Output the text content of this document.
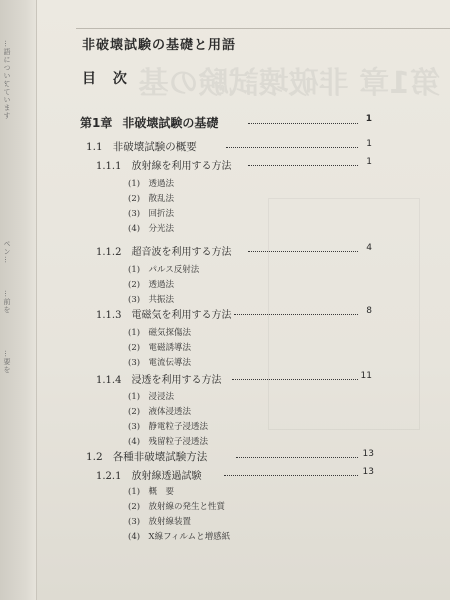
…語について
…ています
ペン…
…前を
…要を
第1章 非破壊試験の基
非破壊試験の基礎と用語
目 次
第1章 非破壊試験の基礎	1
1.1 非破壊試験の概要	1
1.1.1 放射線を利用する方法	1
(1)　透過法
(2)　散乱法
(3)　回折法
(4)　分光法
1.1.2 超音波を利用する方法	4
(1)　パルス反射法
(2)　透過法
(3)　共振法
1.1.3 電磁気を利用する方法	8
(1)　磁気探傷法
(2)　電磁誘導法
(3)　電流伝導法
1.1.4 浸透を利用する方法	11
(1)　浸浸法
(2)　液体浸透法
(3)　静電粒子浸透法
(4)　残留粒子浸透法
1.2 各種非破壊試験方法	13
1.2.1 放射線透過試験	13
(1)　概　要
(2)　放射線の発生と性質
(3)　放射線装置
(4)　X線フィルムと増感紙
